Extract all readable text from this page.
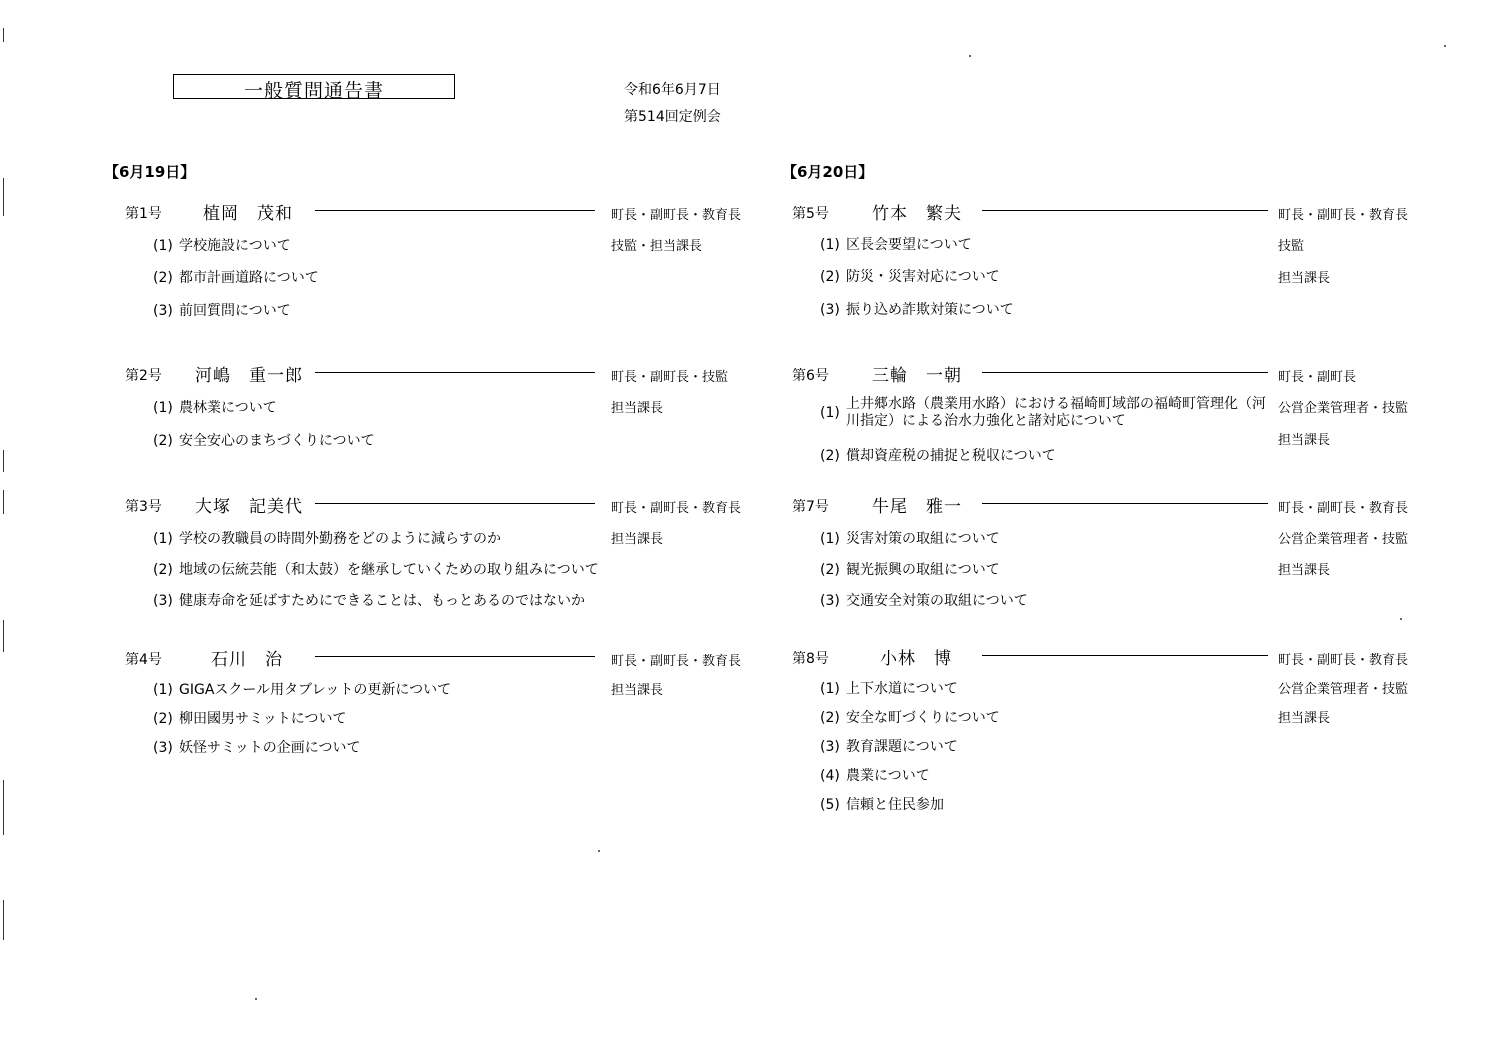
一般質問通告書	令和6年6月7日
第514回定例会
【6月19日】
第1号 植岡　茂和	町長・副町長・教育長
技監・担当課長
(1) 学校施設について
(2) 都市計画道路について
(3) 前回質問について
第2号 河嶋　重一郎	町長・副町長・技監
担当課長
(1) 農林業について
(2) 安全安心のまちづくりについて
第3号 大塚　記美代	町長・副町長・教育長
担当課長
(1) 学校の教職員の時間外勤務をどのように減らすのか
(2) 地域の伝統芸能（和太鼓）を継承していくための取り組みについて
(3) 健康寿命を延ばすためにできることは、もっとあるのではないか
第4号	石川　治	町長・副町長・教育長
担当課長
(1) GIGAスクール用タブレットの更新について
(2) 柳田國男サミットについて
(3) 妖怪サミットの企画について
【6月20日】
第5号	竹本　繁夫	町長・副町長・教育長
技監
担当課長
(1) 区長会要望について
(2) 防災・災害対応について
(3) 振り込め詐欺対策について
第6号	三輪　一朝	町長・副町長
公営企業管理者・技監
担当課長
(1)
上井郷水路（農業用水路）における福崎町域部の福崎町管理化（河川指定）による治水力強化と諸対応について
(2) 償却資産税の捕捉と税収について
第7号	牛尾　雅一	町長・副町長・教育長
公営企業管理者・技監
担当課長
(1) 災害対策の取組について
(2) 観光振興の取組について
(3) 交通安全対策の取組について
第8号	小林　博	町長・副町長・教育長
公営企業管理者・技監
担当課長
(1) 上下水道について
(2) 安全な町づくりについて
(3) 教育課題について
(4) 農業について
(5) 信頼と住民参加
